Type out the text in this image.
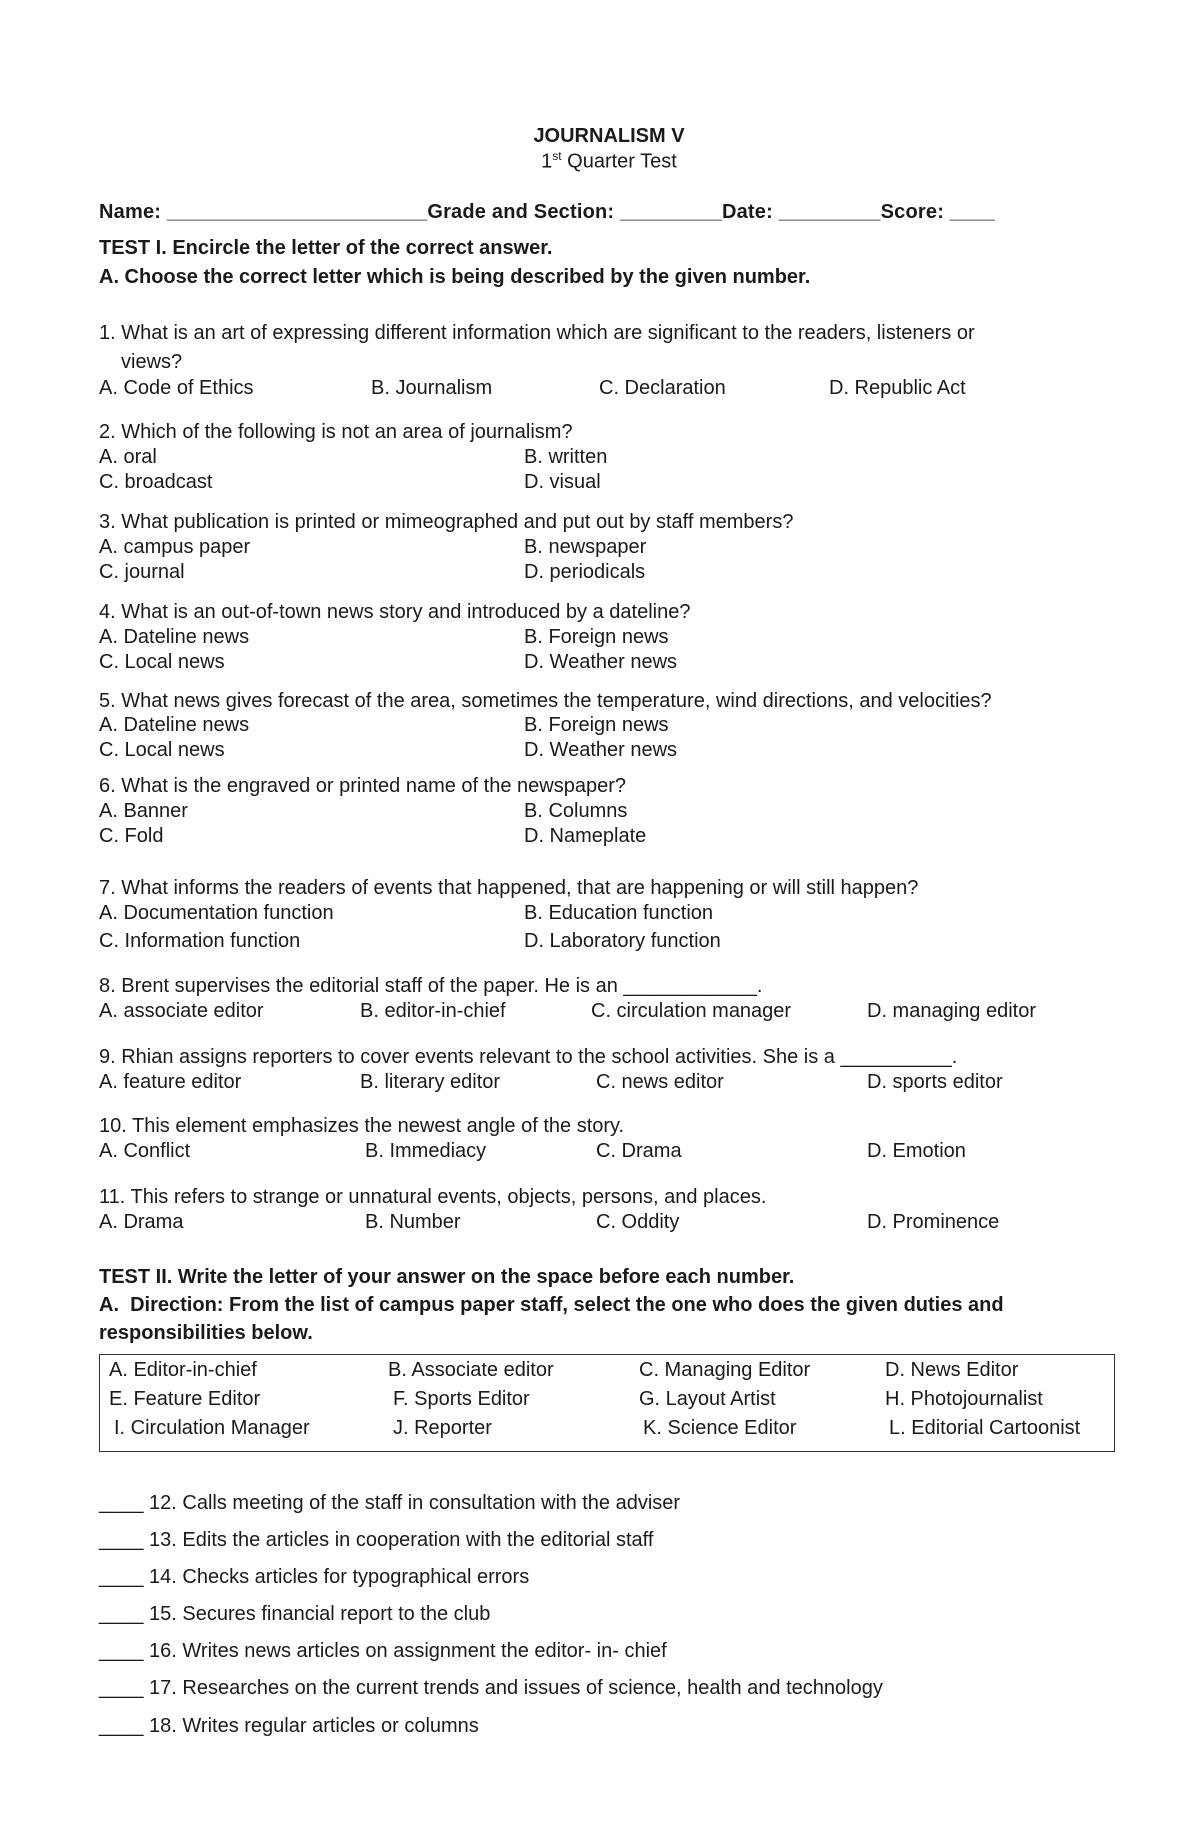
JOURNALISM V
1st Quarter Test
Name: _______________________Grade and Section: _________Date: _________Score: ____
TEST I. Encircle the letter of the correct answer.
A. Choose the correct letter which is being described by the given number.
1. What is an art of expressing different information which are significant to the readers, listeners or
views?
A. Code of Ethics	B. Journalism	C. Declaration	D. Republic Act
2. Which of the following is not an area of journalism?
A. oral	B. written
C. broadcast	D. visual
3. What publication is printed or mimeographed and put out by staff members?
A. campus paper	B. newspaper
C. journal	D. periodicals
4. What is an out-of-town news story and introduced by a dateline?
A. Dateline news	B. Foreign news
C. Local news	D. Weather news
5. What news gives forecast of the area, sometimes the temperature, wind directions, and velocities?
A. Dateline news	B. Foreign news
C. Local news	D. Weather news
6. What is the engraved or printed name of the newspaper?
A. Banner	B. Columns
C. Fold	D. Nameplate
7. What informs the readers of events that happened, that are happening or will still happen?
A. Documentation function	B. Education function
C. Information function	D. Laboratory function
8. Brent supervises the editorial staff of the paper. He is an ____________.
A. associate editor	B. editor-in-chief	C. circulation manager	D. managing editor
9. Rhian assigns reporters to cover events relevant to the school activities. She is a __________.
A. feature editor	B. literary editor	C. news editor	D. sports editor
10. This element emphasizes the newest angle of the story.
A. Conflict	B. Immediacy	C. Drama	D. Emotion
11. This refers to strange or unnatural events, objects, persons, and places.
A. Drama	B. Number	C. Oddity	D. Prominence
TEST II. Write the letter of your answer on the space before each number.
A.  Direction: From the list of campus paper staff, select the one who does the given duties and
responsibilities below.
A. Editor-in-chief	B. Associate editor	C. Managing Editor	D. News Editor
E. Feature Editor	F. Sports Editor	G. Layout Artist	H. Photojournalist
I. Circulation Manager	J. Reporter	K. Science Editor	L. Editorial Cartoonist
____ 12. Calls meeting of the staff in consultation with the adviser
____ 13. Edits the articles in cooperation with the editorial staff
____ 14. Checks articles for typographical errors
____ 15. Secures financial report to the club
____ 16. Writes news articles on assignment the editor- in- chief
____ 17. Researches on the current trends and issues of science, health and technology
____ 18. Writes regular articles or columns
